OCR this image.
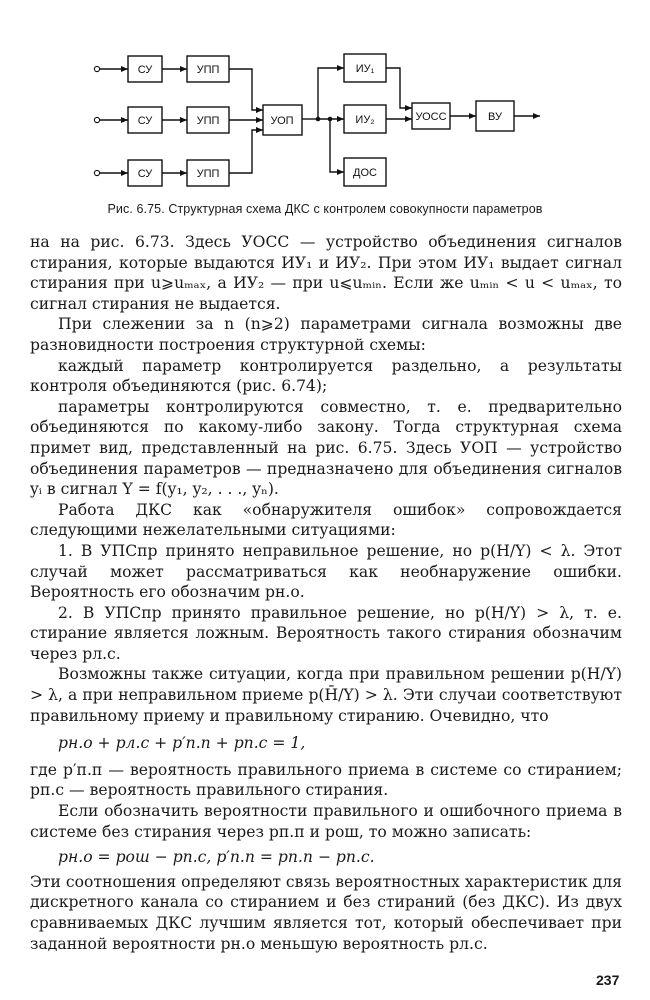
СУ
СУ
СУ
УПП
УПП
УПП
УОП
ИУ₁
ИУ₂
ДОС
УОСС	ВУ
Рис. 6.75. Структурная схема ДКС с контролем совокупности параметров

на на рис. 6.73. Здесь УОСС — устройство объединения сигналов стирания, которые выдаются ИУ₁ и ИУ₂. При этом ИУ₁ выдает сигнал стирания при u⩾uₘₐₓ, а ИУ₂ — при u⩽uₘᵢₙ. Если же uₘᵢₙ < u < uₘₐₓ, то сигнал стирания не выдается.

При слежении за n (n⩾2) параметрами сигнала возможны две разновидности построения структурной схемы:

каждый параметр контролируется раздельно, а результаты контроля объединяются (рис. 6.74);

параметры контролируются совместно, т. е. предварительно объединяются по какому-либо закону. Тогда структурная схема примет вид, представленный на рис. 6.75. Здесь УОП — устройство объединения параметров — предназначено для объединения сигналов yᵢ в сигнал Y = f(y₁, y₂, . . ., yₙ).

Работа ДКС как «обнаружителя ошибок» сопровождается следующими нежелательными ситуациями:

1. В УПСпр принято неправильное решение, но p(H/Y) < λ. Этот случай может рассматриваться как необнаружение ошибки. Вероятность его обозначим pн.о.

2. В УПСпр принято правильное решение, но p(H/Y) > λ, т. е. стирание является ложным. Вероятность такого стирания обозначим через pл.с.

Возможны также ситуации, когда при правильном решении p(H/Y) > λ, а при неправильном приеме p(H̄/Y) > λ. Эти случаи соответствуют правильному приему и правильному стиранию. Очевидно, что

pн.о + pл.с + p′п.п + pп.с = 1,

где p′п.п — вероятность правильного приема в системе со стиранием; pп.с — вероятность правильного стирания.

Если обозначить вероятности правильного и ошибочного приема в системе без стирания через pп.п и pош, то можно записать:

pн.о = pош − pп.с, p′п.п = pп.п − pп.с.

Эти соотношения определяют связь вероятностных характеристик для дискретного канала со стиранием и без стираний (без ДКС). Из двух сравниваемых ДКС лучшим является тот, который обеспечивает при заданной вероятности pн.о меньшую вероятность pл.с.

237
